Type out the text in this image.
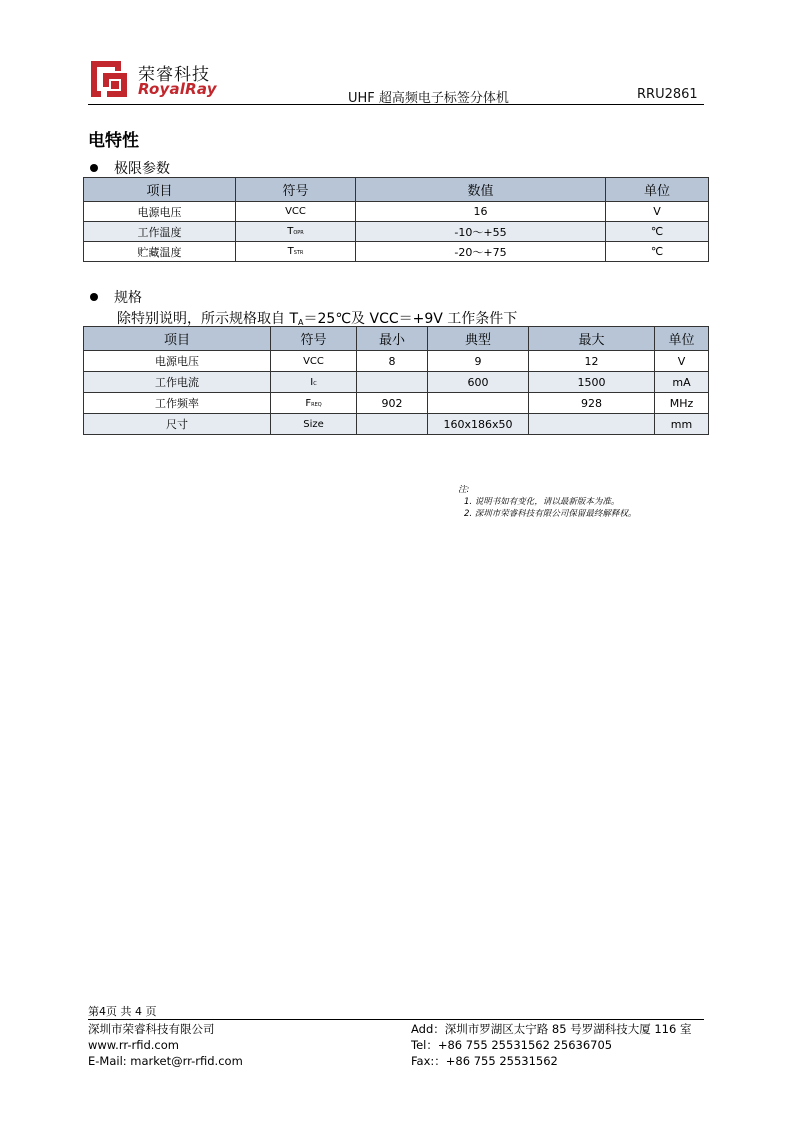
荣睿科技
RoyalRay
UHF 超高频电子标签分体机	RRU2861
电特性
极限参数
项目	符号	数值	单位
电源电压	VCC	16	V
工作温度	TOPR	-10～+55	℃
贮藏温度	TSTR	-20～+75	℃
规格
除特别说明，所示规格取自 $T_A=25℃$及 VCC＝+9V 工作条件下
项目	符号	最小	典型	最大	单位
电源电压	VCC	8	9	12	V
工作电流	IC		600	1500	mA
工作频率	FREQ	902		928	MHz
尺寸	Size		160x186x50		mm
注:
1. 说明书如有变化，请以最新版本为准。
2. 深圳市荣睿科技有限公司保留最终解释权。
第4页 共 4 页
深圳市荣睿科技有限公司
www.rr-rfid.com
E-Mail: market@rr-rfid.com
Add：深圳市罗湖区太宁路 85 号罗湖科技大厦 116 室
Tel：+86 755 25531562 25636705
Fax:：+86 755 25531562
